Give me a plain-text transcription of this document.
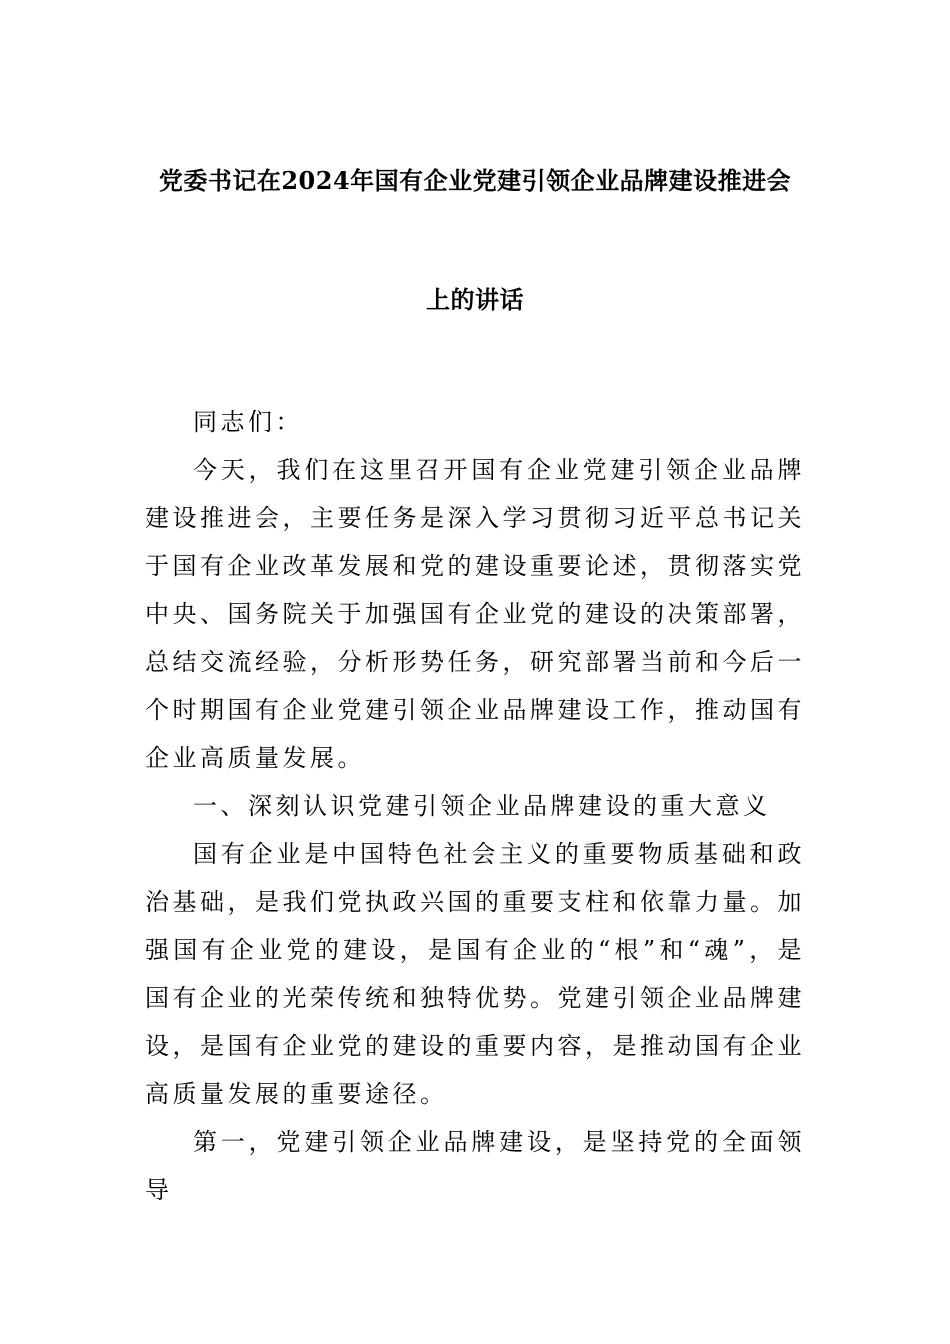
党委书记在2024年国有企业党建引领企业品牌建设推进会
上的讲话

同志们：

今天，我们在这里召开国有企业党建引领企业品牌建设推进会，主要任务是深入学习贯彻习近平总书记关于国有企业改革发展和党的建设重要论述，贯彻落实党中央、国务院关于加强国有企业党的建设的决策部署，总结交流经验，分析形势任务，研究部署当前和今后一个时期国有企业党建引领企业品牌建设工作，推动国有企业高质量发展。

一、深刻认识党建引领企业品牌建设的重大意义

国有企业是中国特色社会主义的重要物质基础和政治基础，是我们党执政兴国的重要支柱和依靠力量。加强国有企业党的建设，是国有企业的“根”和“魂”，是国有企业的光荣传统和独特优势。党建引领企业品牌建设，是国有企业党的建设的重要内容，是推动国有企业高质量发展的重要途径。

第一，党建引领企业品牌建设，是坚持党的全面领导
